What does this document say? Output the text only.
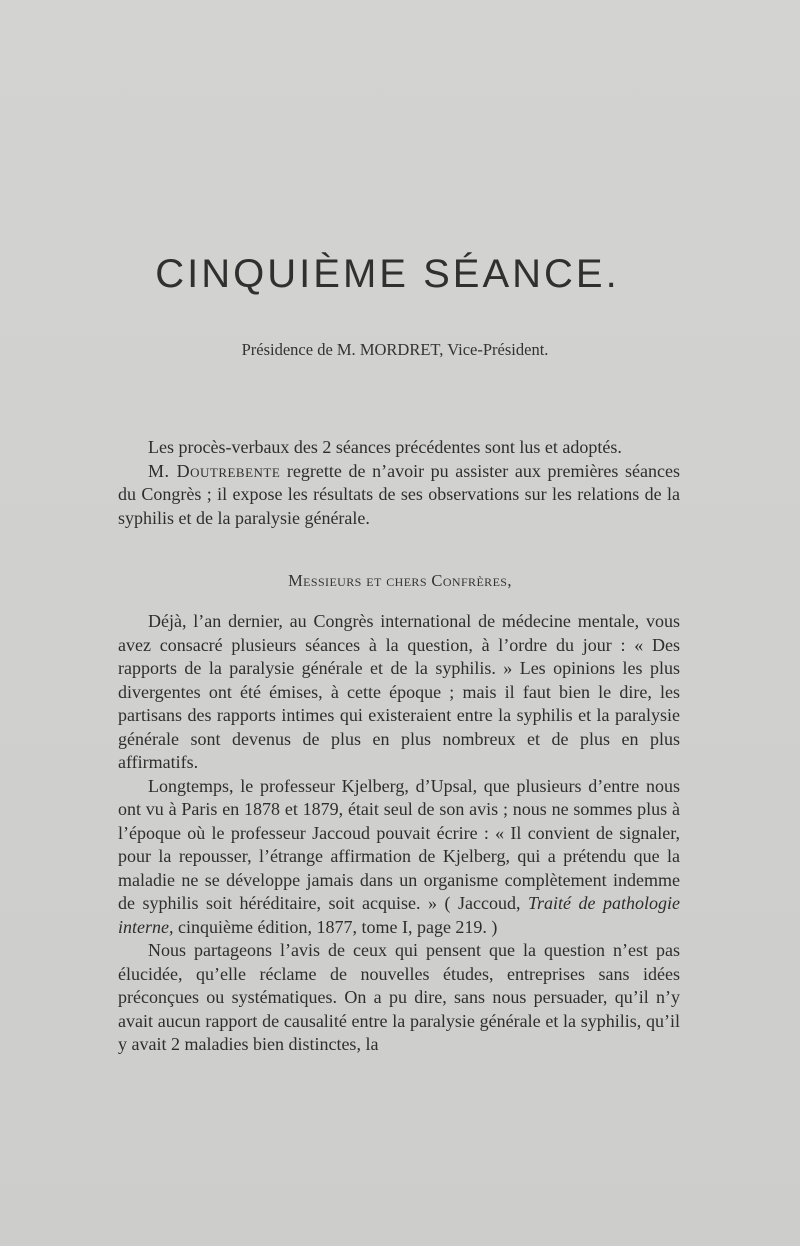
CINQUIÈME SÉANCE.

Présidence de M. MORDRET, Vice-Président.

Les procès-verbaux des 2 séances précédentes sont lus et adoptés.

M. Doutrebente regrette de n’avoir pu assister aux premières séances du Congrès ; il expose les résultats de ses observations sur les relations de la syphilis et de la paralysie générale.

Messieurs et chers Confrères,

Déjà, l’an dernier, au Congrès international de médecine mentale, vous avez consacré plusieurs séances à la question, à l’ordre du jour : « Des rapports de la paralysie générale et de la syphilis. » Les opinions les plus divergentes ont été émises, à cette époque ; mais il faut bien le dire, les partisans des rapports intimes qui existeraient entre la syphilis et la paralysie générale sont devenus de plus en plus nombreux et de plus en plus affirmatifs.

Longtemps, le professeur Kjelberg, d’Upsal, que plusieurs d’entre nous ont vu à Paris en 1878 et 1879, était seul de son avis ; nous ne sommes plus à l’époque où le professeur Jaccoud pouvait écrire : « Il convient de signaler, pour la repousser, l’étrange affirmation de Kjelberg, qui a prétendu que la maladie ne se développe jamais dans un organisme complètement indemme de syphilis soit héréditaire, soit acquise. » ( Jaccoud, Traité de pathologie interne, cinquième édition, 1877, tome I, page 219. )

Nous partageons l’avis de ceux qui pensent que la question n’est pas élucidée, qu’elle réclame de nouvelles études, entreprises sans idées préconçues ou systématiques. On a pu dire, sans nous persuader, qu’il n’y avait aucun rapport de causalité entre la paralysie générale et la syphilis, qu’il y avait 2 maladies bien distinctes, la
